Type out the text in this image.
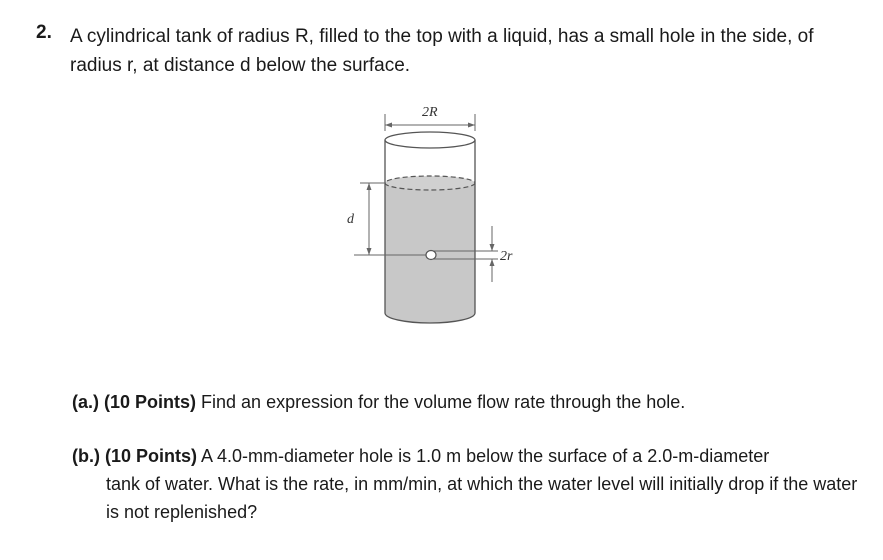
2. A cylindrical tank of radius R, filled to the top with a liquid, has a small hole in the side, of radius r, at distance d below the surface.
2R
d
2r
(a.) (10 Points) Find an expression for the volume flow rate through the hole.
(b.) (10 Points) A 4.0-mm-diameter hole is 1.0 m below the surface of a 2.0-m-diameter
tank of water. What is the rate, in mm/min, at which the water level will initially drop if the water is not replenished?
